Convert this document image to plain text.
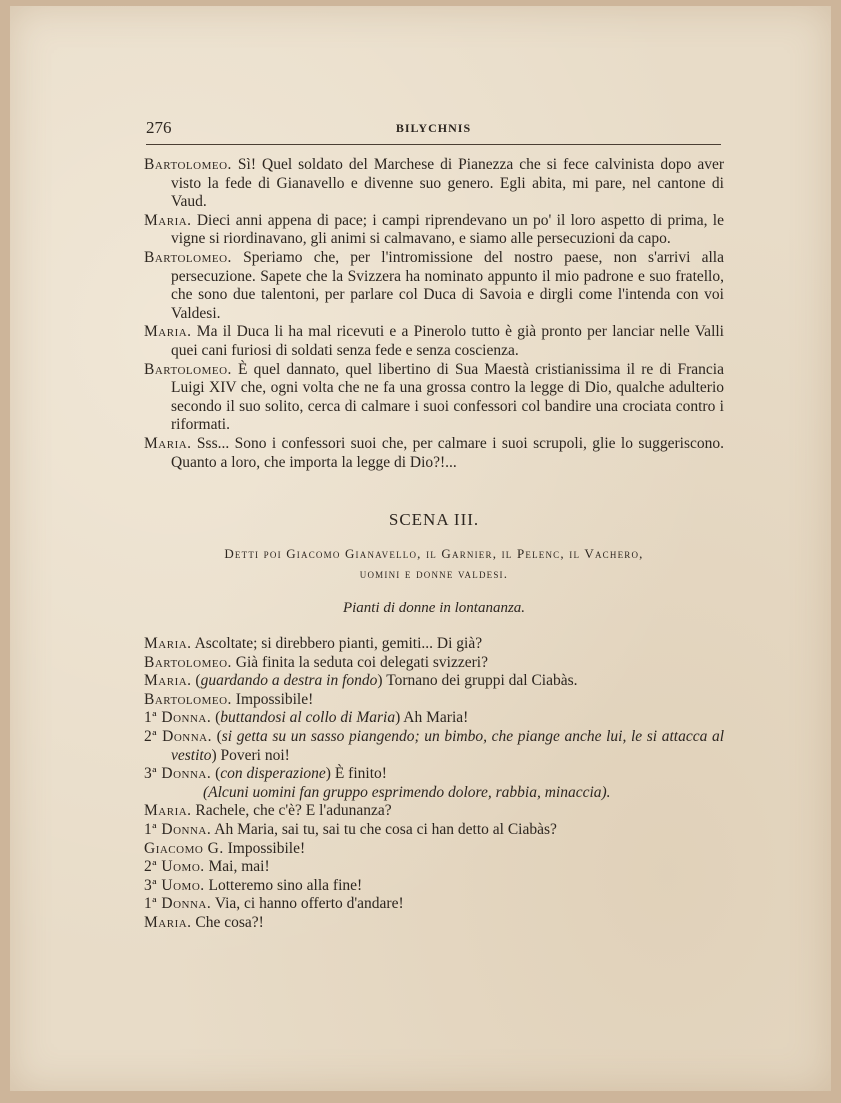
276	BILYCHNIS

Bartolomeo. Sì! Quel soldato del Marchese di Pianezza che si fece calvinista dopo aver visto la fede di Gianavello e divenne suo genero. Egli abita, mi pare, nel cantone di Vaud.

Maria. Dieci anni appena di pace; i campi riprendevano un po' il loro aspetto di prima, le vigne si riordinavano, gli animi si calmavano, e siamo alle persecuzioni da capo.

Bartolomeo. Speriamo che, per l'intromissione del nostro paese, non s'arrivi alla persecuzione. Sapete che la Svizzera ha nominato appunto il mio padrone e suo fratello, che sono due talentoni, per parlare col Duca di Savoia e dirgli come l'intenda con voi Valdesi.

Maria. Ma il Duca li ha mal ricevuti e a Pinerolo tutto è già pronto per lanciar nelle Valli quei cani furiosi di soldati senza fede e senza coscienza.

Bartolomeo. È quel dannato, quel libertino di Sua Maestà cristianissima il re di Francia Luigi XIV che, ogni volta che ne fa una grossa contro la legge di Dio, qualche adulterio secondo il suo solito, cerca di calmare i suoi confessori col bandire una crociata contro i riformati.

Maria. Sss... Sono i confessori suoi che, per calmare i suoi scrupoli, glie lo suggeriscono. Quanto a loro, che importa la legge di Dio?!...

SCENA III.
Detti poi Giacomo Gianavello, il Garnier, il Pelenc, il Vachero,
uomini e donne valdesi.
Pianti di donne in lontananza.

Maria. Ascoltate; si direbbero pianti, gemiti... Di già?

Bartolomeo. Già finita la seduta coi delegati svizzeri?

Maria. (guardando a destra in fondo) Tornano dei gruppi dal Ciabàs.

Bartolomeo. Impossibile!

1ª Donna. (buttandosi al collo di Maria) Ah Maria!

2ª Donna. (si getta su un sasso piangendo; un bimbo, che piange anche lui, le si attacca al vestito) Poveri noi!

3ª Donna. (con disperazione) È finito!

(Alcuni uomini fan gruppo esprimendo dolore, rabbia, minaccia).

Maria. Rachele, che c'è? E l'adunanza?

1ª Donna. Ah Maria, sai tu, sai tu che cosa ci han detto al Ciabàs?

Giacomo G. Impossibile!

2ª Uomo. Mai, mai!

3ª Uomo. Lotteremo sino alla fine!

1ª Donna. Via, ci hanno offerto d'andare!

Maria. Che cosa?!
